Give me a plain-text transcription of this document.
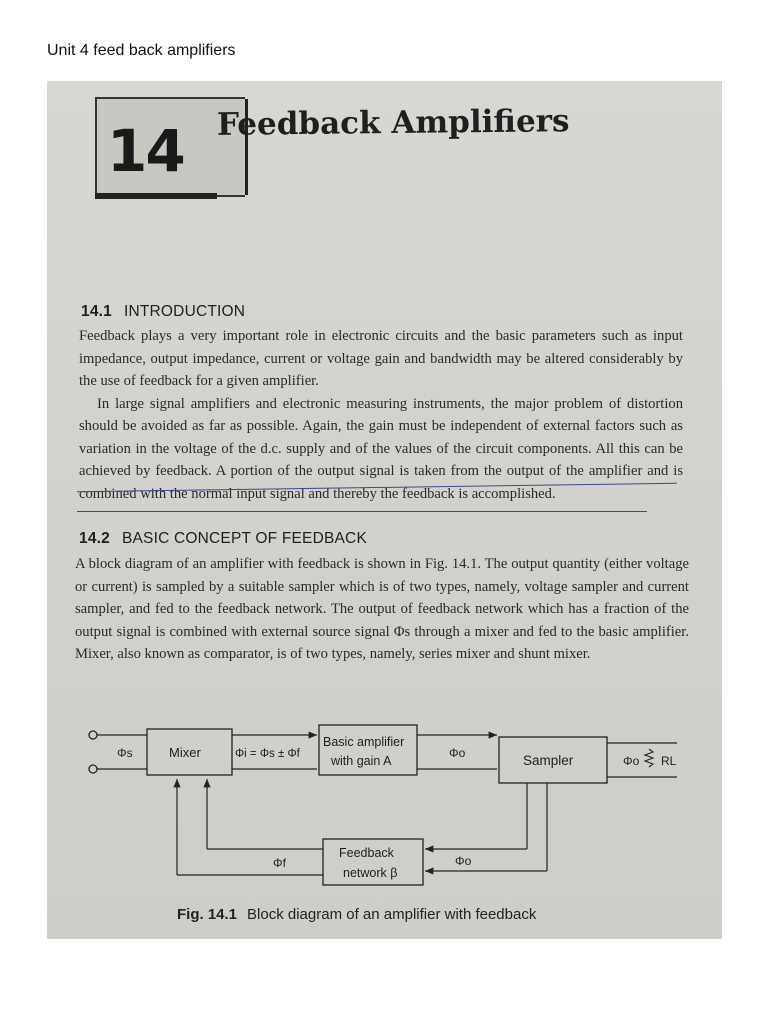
Unit 4 feed back amplifiers
14 Feedback Amplifiers
14.1 INTRODUCTION

Feedback plays a very important role in electronic circuits and the basic parameters such as input impedance, output impedance, current or voltage gain and bandwidth may be altered considerably by the use of feedback for a given amplifier.

In large signal amplifiers and electronic measuring instruments, the major problem of distortion should be avoided as far as possible. Again, the gain must be independent of external factors such as variation in the voltage of the d.c. supply and of the values of the circuit components. All this can be achieved by feedback. A portion of the output signal is taken from the output of the amplifier and is combined with the normal input signal and thereby the feedback is accomplished.

14.2 BASIC CONCEPT OF FEEDBACK

A block diagram of an amplifier with feedback is shown in Fig. 14.1. The output quantity (either voltage or current) is sampled by a suitable sampler which is of two types, namely, voltage sampler and current sampler, and fed to the feedback network. The output of feedback network which has a fraction of the output signal is combined with external source signal Φs through a mixer and fed to the basic amplifier. Mixer, also known as comparator, is of two types, namely, series mixer and shunt mixer.

Φs	Mixer	Φi = Φs ± Φf
Basic amplifier
with gain A
Φo	Sampler	Φo RL
Φo
Feedback
network β
Φf
Fig. 14.1 Block diagram of an amplifier with feedback
